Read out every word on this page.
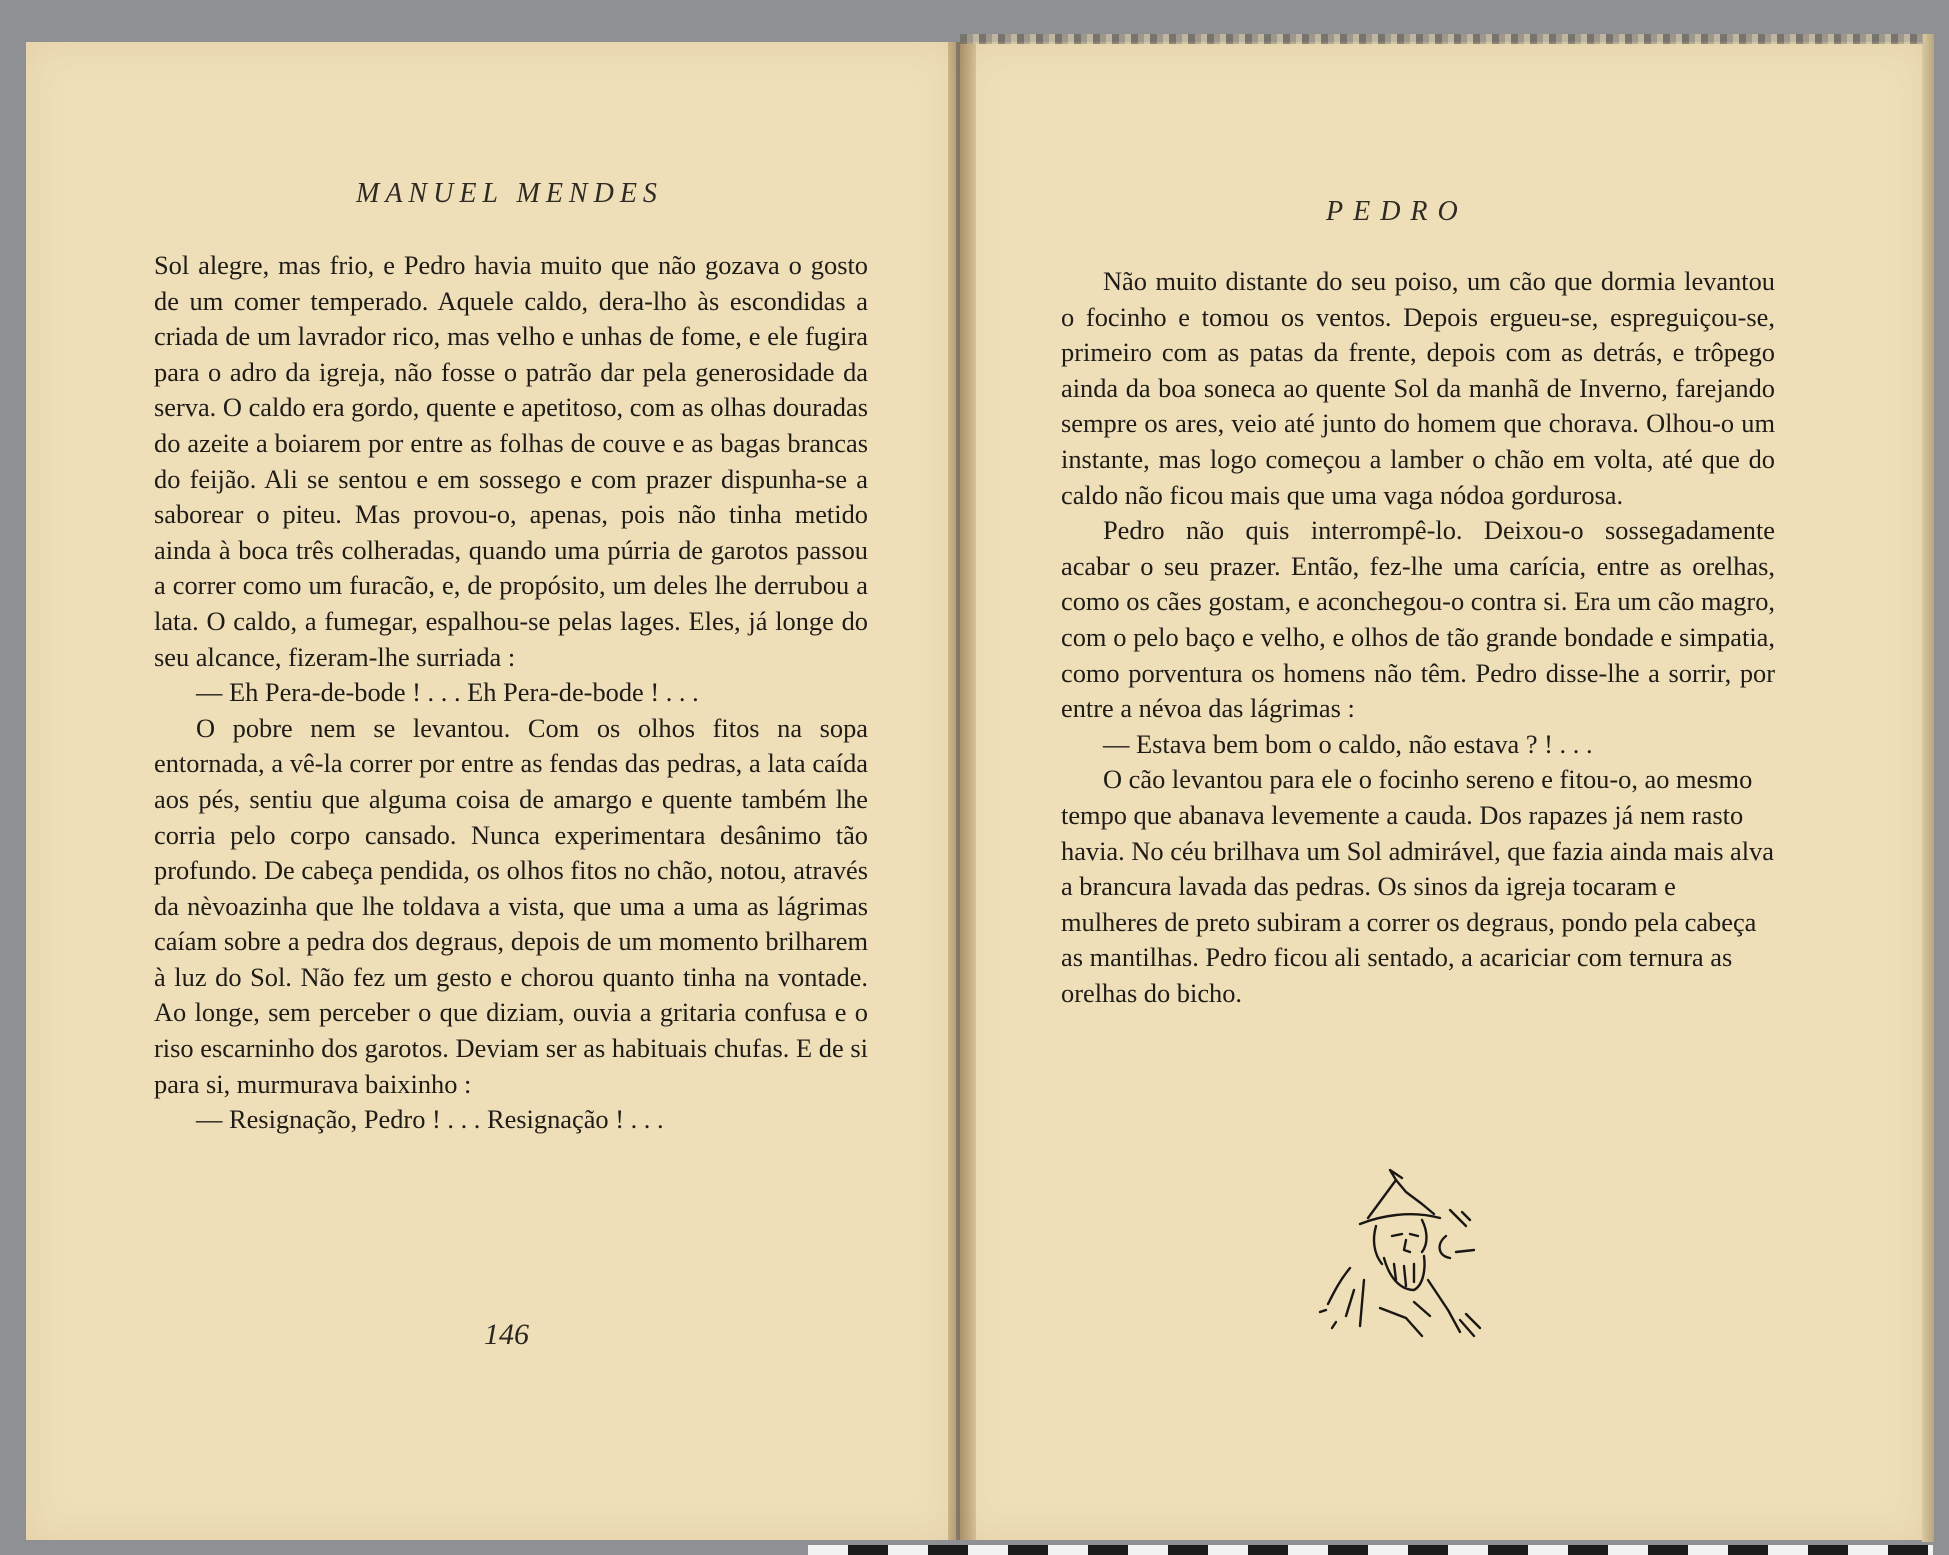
MANUEL MENDES

Sol alegre, mas frio, e Pedro havia muito que não gozava o gosto de um comer temperado. Aquele caldo, dera-lho às escondidas a criada de um lavrador rico, mas velho e unhas de fome, e ele fugira para o adro da igreja, não fosse o patrão dar pela generosidade da serva. O caldo era gordo, quente e apetitoso, com as olhas douradas do azeite a boiarem por entre as folhas de couve e as bagas brancas do feijão. Ali se sentou e em sossego e com prazer dispunha-se a saborear o piteu. Mas provou-o, apenas, pois não tinha metido ainda à boca três colheradas, quando uma púrria de garotos passou a correr como um furacão, e, de propósito, um deles lhe derrubou a lata. O caldo, a fumegar, espalhou-se pelas lages. Eles, já longe do seu alcance, fizeram-lhe surriada :

— Eh Pera-de-bode ! . . . Eh Pera-de-bode ! . . .

O pobre nem se levantou. Com os olhos fitos na sopa entornada, a vê-la correr por entre as fendas das pedras, a lata caída aos pés, sentiu que alguma coisa de amargo e quente também lhe corria pelo corpo cansado. Nunca experimentara desânimo tão profundo. De cabeça pendida, os olhos fitos no chão, notou, através da nèvoazinha que lhe toldava a vista, que uma a uma as lágrimas caíam sobre a pedra dos degraus, depois de um momento brilharem à luz do Sol. Não fez um gesto e chorou quanto tinha na vontade. Ao longe, sem perceber o que diziam, ouvia a gritaria confusa e o riso escarninho dos garotos. Deviam ser as habituais chufas. E de si para si, murmurava baixinho :

— Resignação, Pedro ! . . . Resignação ! . . .

146
PEDRO

Não muito distante do seu poiso, um cão que dormia levantou o focinho e tomou os ventos. Depois ergueu-se, espreguiçou-se, primeiro com as patas da frente, depois com as detrás, e trôpego ainda da boa soneca ao quente Sol da manhã de Inverno, farejando sempre os ares, veio até junto do homem que chorava. Olhou-o um instante, mas logo começou a lamber o chão em volta, até que do caldo não ficou mais que uma vaga nódoa gordurosa.

Pedro não quis interrompê-lo. Deixou-o sossegadamente acabar o seu prazer. Então, fez-lhe uma carícia, entre as orelhas, como os cães gostam, e aconchegou-o contra si. Era um cão magro, com o pelo baço e velho, e olhos de tão grande bondade e simpatia, como porventura os homens não têm. Pedro disse-lhe a sorrir, por entre a névoa das lágrimas :

— Estava bem bom o caldo, não estava ? ! . . .

O cão levantou para ele o focinho sereno e fitou-o, ao mesmo tempo que abanava levemente a cauda. Dos rapazes já nem rasto havia. No céu brilhava um Sol admirável, que fazia ainda mais alva a brancura lavada das pedras. Os sinos da igreja tocaram e mulheres de preto subiram a correr os degraus, pondo pela cabeça as mantilhas. Pedro ficou ali sentado, a acariciar com ternura as orelhas do bicho.
